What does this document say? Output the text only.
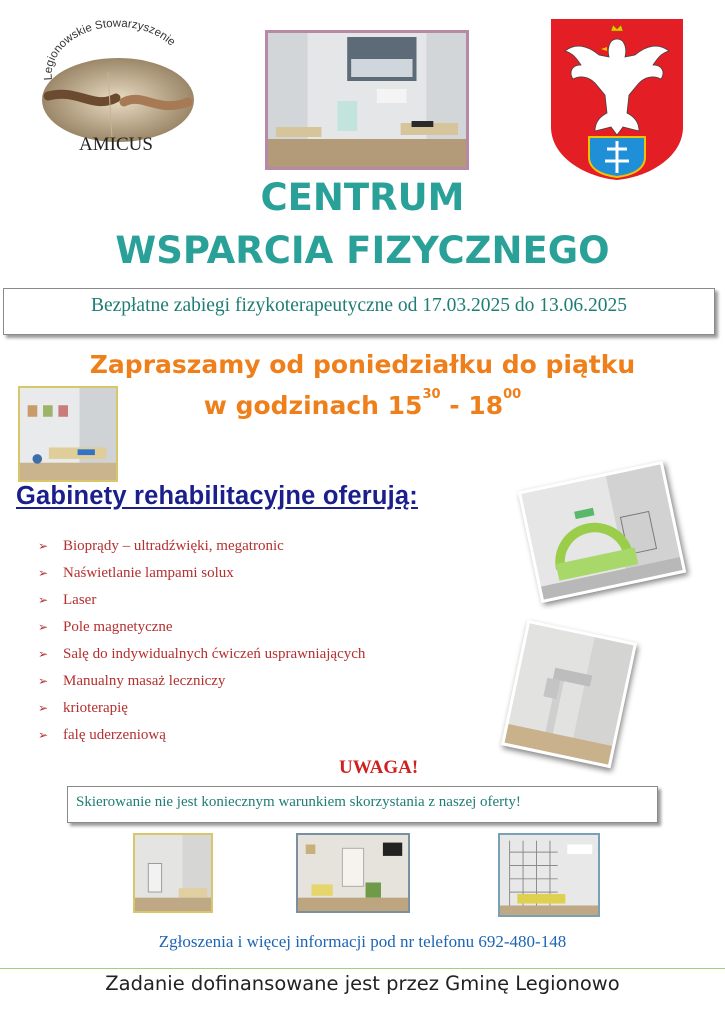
Legionowskie Stowarzyszenie
AMICUS
CENTRUM
WSPARCIA FIZYCZNEGO
Bezpłatne zabiegi fizykoterapeutyczne od 17.03.2025 do 13.06.2025
Zapraszamy od poniedziałku do piątku
w godzinach $15^{30} - 18^{00}$
Gabinety rehabilitacyjne oferują:
➢ Bioprądy – ultradźwięki, megatronic
➢ Naświetlanie lampami solux
➢ Laser
➢ Pole magnetyczne
➢ Salę do indywidualnych ćwiczeń usprawniających
➢ Manualny masaż leczniczy
➢ krioterapię
➢ falę uderzeniową
UWAGA!
Skierowanie nie jest koniecznym warunkiem skorzystania z naszej oferty!
Zgłoszenia i więcej informacji pod nr telefonu 692-480-148
Zadanie dofinansowane jest przez Gminę Legionowo
